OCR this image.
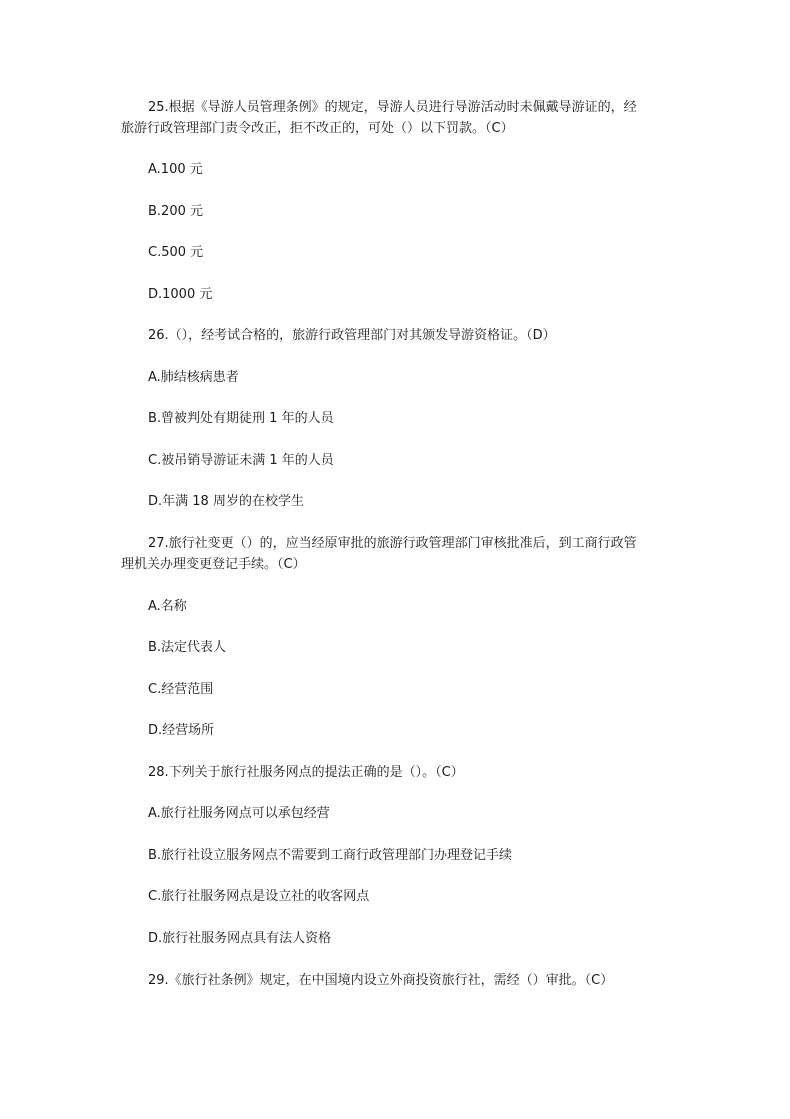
25.根据《导游人员管理条例》的规定，导游人员进行导游活动时未佩戴导游证的，经
旅游行政管理部门责令改正，拒不改正的，可处（）以下罚款。（C）
A.100 元
B.200 元
C.500 元
D.1000 元
26.（），经考试合格的，旅游行政管理部门对其颁发导游资格证。（D）
A.肺结核病患者
B.曾被判处有期徒刑 1 年的人员
C.被吊销导游证未满 1 年的人员
D.年满 18 周岁的在校学生
27.旅行社变更（）的，应当经原审批的旅游行政管理部门审核批准后，到工商行政管
理机关办理变更登记手续。（C）
A.名称
B.法定代表人
C.经营范围
D.经营场所
28.下列关于旅行社服务网点的提法正确的是（）。（C）
A.旅行社服务网点可以承包经营
B.旅行社设立服务网点不需要到工商行政管理部门办理登记手续
C.旅行社服务网点是设立社的收客网点
D.旅行社服务网点具有法人资格
29.《旅行社条例》规定，在中国境内设立外商投资旅行社，需经（）审批。（C）
